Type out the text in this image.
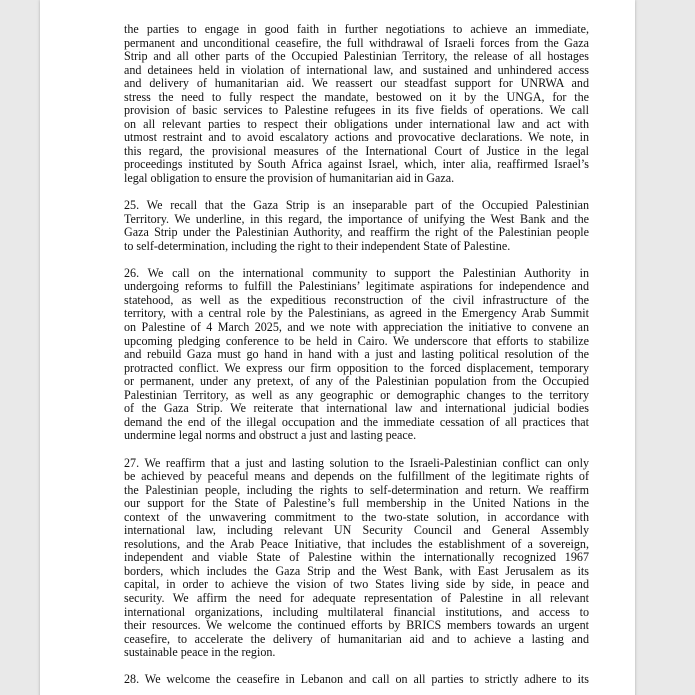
the parties to engage in good faith in further negotiations to achieve an immediate,
permanent and unconditional ceasefire, the full withdrawal of Israeli forces from the Gaza
Strip and all other parts of the Occupied Palestinian Territory, the release of all hostages
and detainees held in violation of international law, and sustained and unhindered access
and delivery of humanitarian aid. We reassert our steadfast support for UNRWA and
stress the need to fully respect the mandate, bestowed on it by the UNGA, for the
provision of basic services to Palestine refugees in its five fields of operations. We call
on all relevant parties to respect their obligations under international law and act with
utmost restraint and to avoid escalatory actions and provocative declarations. We note, in
this regard, the provisional measures of the International Court of Justice in the legal
proceedings instituted by South Africa against Israel, which, inter alia, reaffirmed Israel’s
legal obligation to ensure the provision of humanitarian aid in Gaza.
25. We recall that the Gaza Strip is an inseparable part of the Occupied Palestinian
Territory. We underline, in this regard, the importance of unifying the West Bank and the
Gaza Strip under the Palestinian Authority, and reaffirm the right of the Palestinian people
to self-determination, including the right to their independent State of Palestine.
26. We call on the international community to support the Palestinian Authority in
undergoing reforms to fulfill the Palestinians’ legitimate aspirations for independence and
statehood, as well as the expeditious reconstruction of the civil infrastructure of the
territory, with a central role by the Palestinians, as agreed in the Emergency Arab Summit
on Palestine of 4 March 2025, and we note with appreciation the initiative to convene an
upcoming pledging conference to be held in Cairo. We underscore that efforts to stabilize
and rebuild Gaza must go hand in hand with a just and lasting political resolution of the
protracted conflict. We express our firm opposition to the forced displacement, temporary
or permanent, under any pretext, of any of the Palestinian population from the Occupied
Palestinian Territory, as well as any geographic or demographic changes to the territory
of the Gaza Strip. We reiterate that international law and international judicial bodies
demand the end of the illegal occupation and the immediate cessation of all practices that
undermine legal norms and obstruct a just and lasting peace.
27. We reaffirm that a just and lasting solution to the Israeli-Palestinian conflict can only
be achieved by peaceful means and depends on the fulfillment of the legitimate rights of
the Palestinian people, including the rights to self-determination and return. We reaffirm
our support for the State of Palestine’s full membership in the United Nations in the
context of the unwavering commitment to the two-state solution, in accordance with
international law, including relevant UN Security Council and General Assembly
resolutions, and the Arab Peace Initiative, that includes the establishment of a sovereign,
independent and viable State of Palestine within the internationally recognized 1967
borders, which includes the Gaza Strip and the West Bank, with East Jerusalem as its
capital, in order to achieve the vision of two States living side by side, in peace and
security. We affirm the need for adequate representation of Palestine in all relevant
international organizations, including multilateral financial institutions, and access to
their resources. We welcome the continued efforts by BRICS members towards an urgent
ceasefire, to accelerate the delivery of humanitarian aid and to achieve a lasting and
sustainable peace in the region.
28. We welcome the ceasefire in Lebanon and call on all parties to strictly adhere to its
